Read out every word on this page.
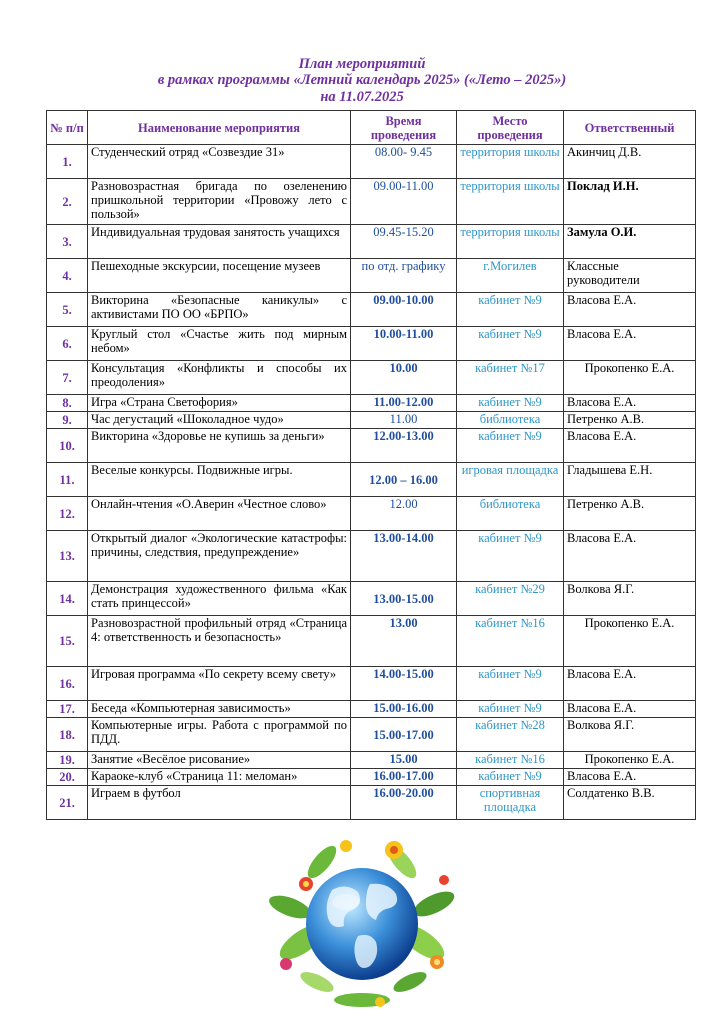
План мероприятий
в рамках программы «Летний календарь 2025» («Лето – 2025»)
на 11.07.2025
№ п/п	Наименование мероприятия	Время проведения	Место проведения	Ответственный
1.	Студенческий отряд «Созвездие 31»	08.00- 9.45	территория школы	Акинчиц Д.В.
2.	Разновозрастная бригада по озеленению пришкольной территории «Провожу лето с пользой»	09.00-11.00	территория школы	Поклад И.Н.
3.	Индивидуальная трудовая занятость учащихся	09.45-15.20	территория школы	Замула О.И.
4.	Пешеходные экскурсии, посещение музеев	по отд. графику	г.Могилев	Классные руководители
5.	Викторина «Безопасные каникулы» с активистами ПО ОО «БРПО»	09.00-10.00	кабинет №9	Власова Е.А.
6.	Круглый стол «Счастье жить под мирным небом»	10.00-11.00	кабинет №9	Власова Е.А.
7.	Консультация «Конфликты и способы их преодоления»	10.00	кабинет №17	Прокопенко Е.А.
8.	Игра «Страна Светофория»	11.00-12.00	кабинет №9	Власова Е.А.
9.	Час дегустаций «Шоколадное чудо»	11.00	библиотека	Петренко А.В.
10.	Викторина «Здоровье не купишь за деньги»	12.00-13.00	кабинет №9	Власова Е.А.
11.	Веселые конкурсы. Подвижные игры.	12.00 – 16.00	игровая площадка	Гладышева Е.Н.
12.	Онлайн-чтения «О.Аверин «Честное слово»	12.00	библиотека	Петренко А.В.
13.	Открытый диалог «Экологические катастрофы: причины, следствия, предупреждение»	13.00-14.00	кабинет №9	Власова Е.А.
14.	Демонстрация художественного фильма «Как стать принцессой»	13.00-15.00	кабинет №29	Волкова Я.Г.
15.	Разновозрастной профильный отряд «Страница 4: ответственность и безопасность»	13.00	кабинет №16	Прокопенко Е.А.
16.	Игровая программа «По секрету всему свету»	14.00-15.00	кабинет №9	Власова Е.А.
17.	Беседа «Компьютерная зависимость»	15.00-16.00	кабинет №9	Власова Е.А.
18.	Компьютерные игры. Работа с программой по ПДД.	15.00-17.00	кабинет №28	Волкова Я.Г.
19.	Занятие «Весёлое рисование»	15.00	кабинет №16	Прокопенко Е.А.
20.	Караоке-клуб «Страница 11: меломан»	16.00-17.00	кабинет №9	Власова Е.А.
21.	Играем в футбол	16.00-20.00	спортивная площадка	Солдатенко В.В.
